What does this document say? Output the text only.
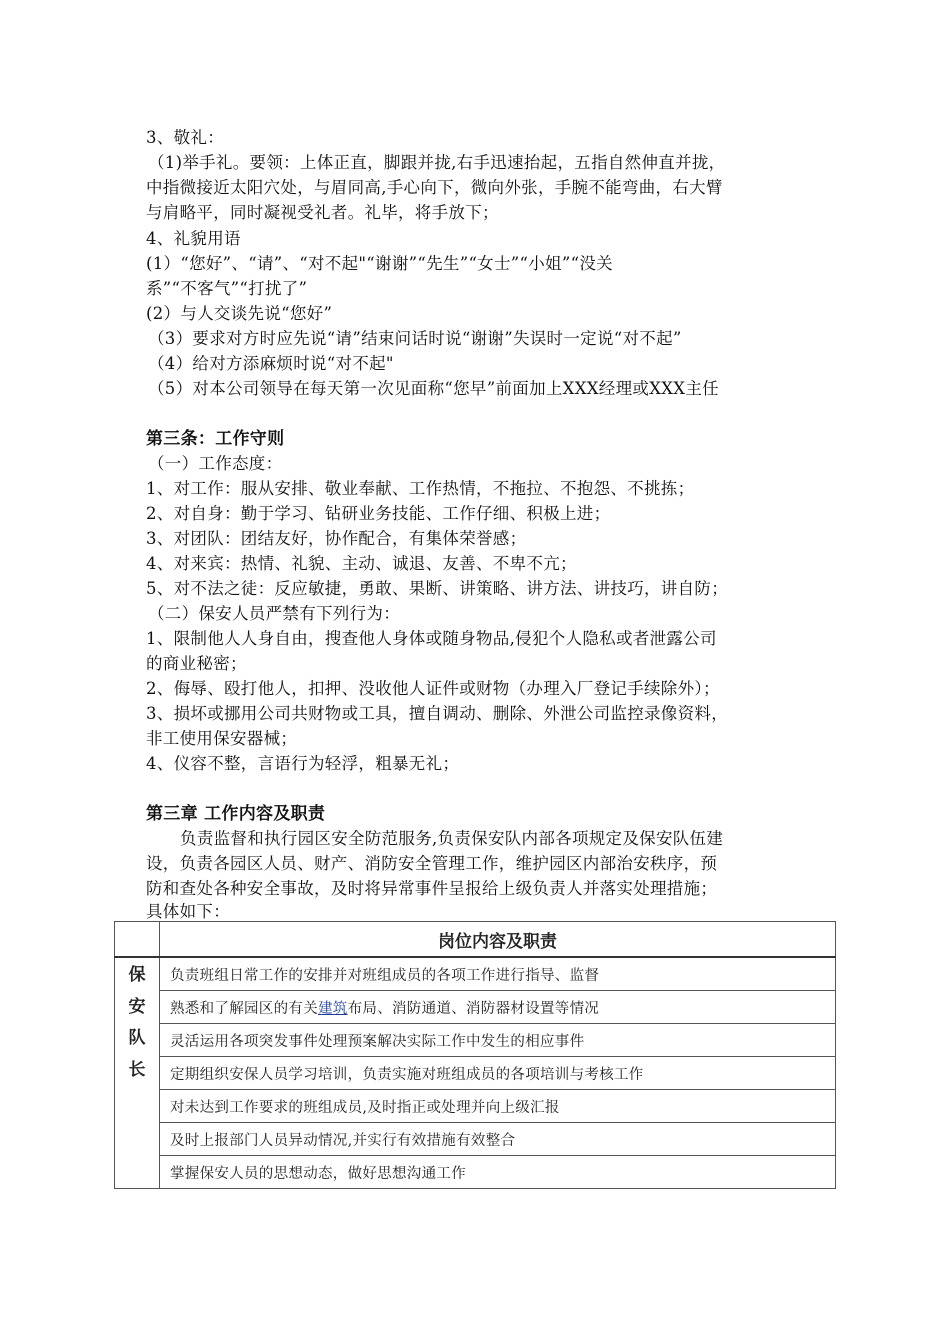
3、敬礼：
（1)举手礼。要领：上体正直，脚跟并拢,右手迅速抬起，五指自然伸直并拢，
中指微接近太阳穴处，与眉同高,手心向下，微向外张，手腕不能弯曲，右大臂
与肩略平，同时凝视受礼者。礼毕，将手放下；
4、礼貌用语
(1）“您好”、“请”、“对不起"“谢谢”“先生”“女士”“小姐”“没关
系”“不客气”“打扰了”
(2）与人交谈先说“您好”
（3）要求对方时应先说“请”结束问话时说“谢谢”失误时一定说“对不起”
（4）给对方添麻烦时说“对不起"
（5）对本公司领导在每天第一次见面称“您早”前面加上XXX经理或XXX主任
第三条：工作守则
（一）工作态度：
1、对工作：服从安排、敬业奉献、工作热情，不拖拉、不抱怨、不挑拣；
2、对自身：勤于学习、钻研业务技能、工作仔细、积极上进；
3、对团队：团结友好，协作配合，有集体荣誉感；
4、对来宾：热情、礼貌、主动、诚退、友善、不卑不亢；
5、对不法之徒：反应敏捷，勇敢、果断、讲策略、讲方法、讲技巧，讲自防；
（二）保安人员严禁有下列行为：
1、限制他人人身自由，搜查他人身体或随身物品,侵犯个人隐私或者泄露公司
的商业秘密；
2、侮辱、殴打他人，扣押、没收他人证件或财物（办理入厂登记手续除外）；
3、损坏或挪用公司共财物或工具，擅自调动、删除、外泄公司监控录像资料，
非工使用保安器械；
4、仪容不整，言语行为轻浮，粗暴无礼；
第三章 工作内容及职责
负责监督和执行园区安全防范服务,负责保安队内部各项规定及保安队伍建
设，负责各园区人员、财产、消防安全管理工作，维护园区内部治安秩序，预
防和查处各种安全事故，及时将异常事件呈报给上级负责人并落实处理措施；
具体如下：
	岗位内容及职责

保
安
队
长	负责班组日常工作的安排并对班组成员的各项工作进行指导、监督
	熟悉和了解园区的有关建筑布局、消防通道、消防器材设置等情况
	灵活运用各项突发事件处理预案解决实际工作中发生的相应事件
	定期组织安保人员学习培训，负责实施对班组成员的各项培训与考核工作
	对未达到工作要求的班组成员,及时指正或处理并向上级汇报
	及时上报部门人员异动情况,并实行有效措施有效整合
	掌握保安人员的思想动态，做好思想沟通工作
